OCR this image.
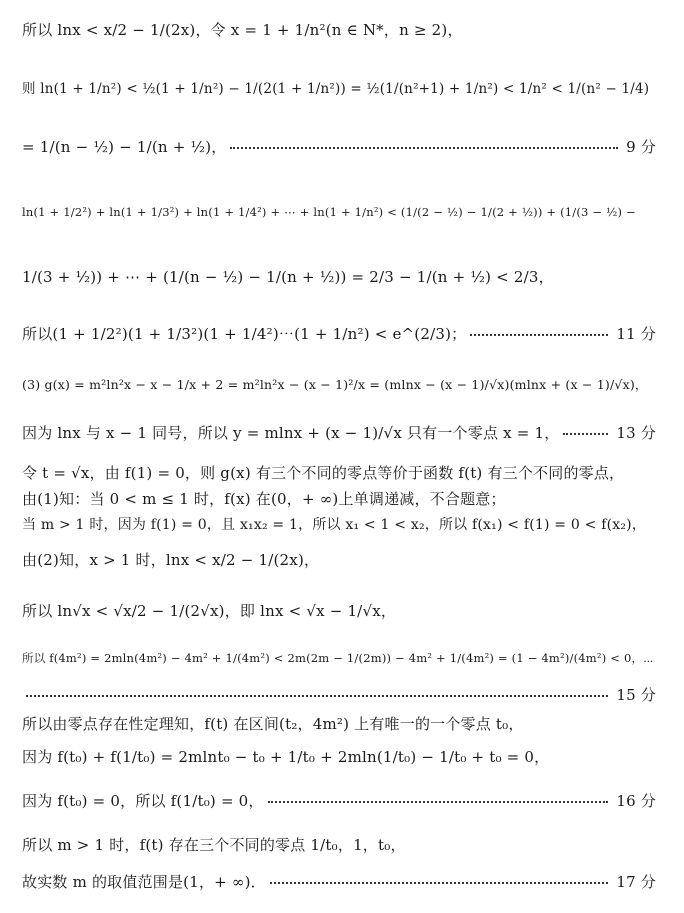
所以 lnx < x/2 − 1/(2x)，令 x = 1 + 1/n²(n ∈ N*，n ≥ 2)，
则 ln(1 + 1/n²) < ½(1 + 1/n²) − 1/(2(1 + 1/n²)) = ½(1/(n²+1) + 1/n²) < 1/n² < 1/(n² − 1/4)
= 1/(n − ½) − 1/(n + ½)，	9 分
ln(1 + 1/2²) + ln(1 + 1/3²) + ln(1 + 1/4²) + ⋯ + ln(1 + 1/n²) < (1/(2 − ½) − 1/(2 + ½)) + (1/(3 − ½) −
1/(3 + ½)) + ⋯ + (1/(n − ½) − 1/(n + ½)) = 2/3 − 1/(n + ½) < 2/3，
所以(1 + 1/2²)(1 + 1/3²)(1 + 1/4²)⋯(1 + 1/n²) < e^(2/3)；	11 分
(3) g(x) = m²ln²x − x − 1/x + 2 = m²ln²x − (x − 1)²/x = (mlnx − (x − 1)/√x)(mlnx + (x − 1)/√x)，
因为 lnx 与 x − 1 同号，所以 y = mlnx + (x − 1)/√x 只有一个零点 x = 1，	13 分
令 t = √x，由 f(1) = 0，则 g(x) 有三个不同的零点等价于函数 f(t) 有三个不同的零点，
由(1)知：当 0 < m ≤ 1 时，f(x) 在(0，+ ∞)上单调递减，不合题意；
当 m > 1 时，因为 f(1) = 0，且 x₁x₂ = 1，所以 x₁ < 1 < x₂，所以 f(x₁) < f(1) = 0 < f(x₂)，
由(2)知，x > 1 时，lnx < x/2 − 1/(2x)，
所以 ln√x < √x/2 − 1/(2√x)，即 lnx < √x − 1/√x，
所以 f(4m²) = 2mln(4m²) − 4m² + 1/(4m²) < 2m(2m − 1/(2m)) − 4m² + 1/(4m²) = (1 − 4m²)/(4m²) < 0，⋯
15 分
所以由零点存在性定理知，f(t) 在区间(t₂，4m²) 上有唯一的一个零点 t₀，
因为 f(t₀) + f(1/t₀) = 2mlnt₀ − t₀ + 1/t₀ + 2mln(1/t₀) − 1/t₀ + t₀ = 0，
因为 f(t₀) = 0，所以 f(1/t₀) = 0，	16 分
所以 m > 1 时，f(t) 存在三个不同的零点 1/t₀，1，t₀，
故实数 m 的取值范围是(1，+ ∞)．	17 分
